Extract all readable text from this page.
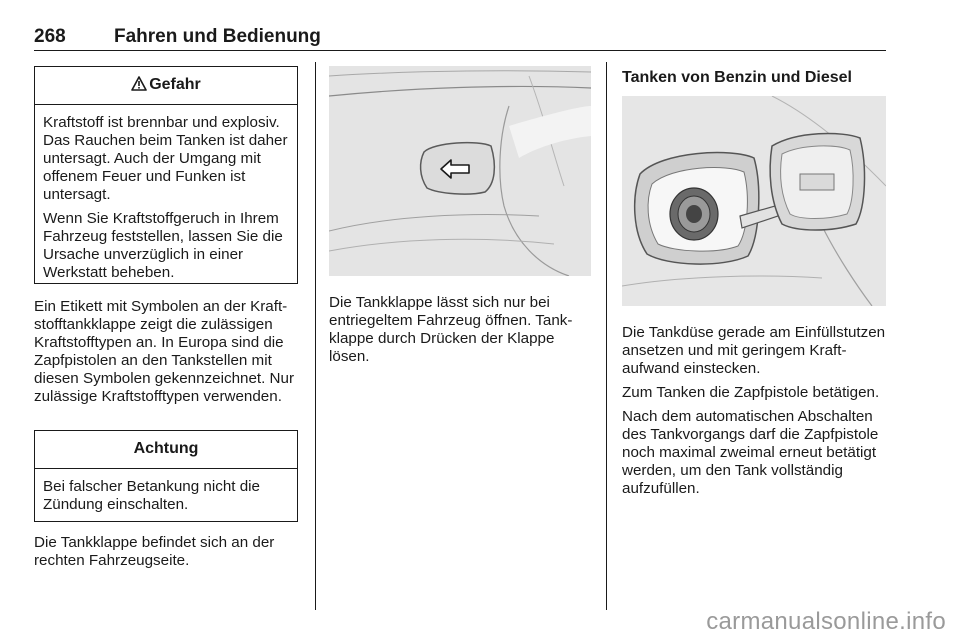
268	Fahren und Bedienung
Gefahr

Kraftstoff ist brennbar und explosiv. Das Rauchen beim Tanken ist daher untersagt. Auch der Umgang mit offenem Feuer und Funken ist untersagt.

Wenn Sie Kraftstoffgeruch in Ihrem Fahrzeug feststellen, lassen Sie die Ursache unverzüglich in einer Werkstatt beheben.

Ein Etikett mit Symbolen an der Kraftstofftankklappe zeigt die zulässigen Kraftstofftypen an. In Europa sind die Zapfpistolen an den Tankstellen mit diesen Symbolen gekennzeichnet. Nur zulässige Kraftstofftypen verwenden.

Achtung

Bei falscher Betankung nicht die Zündung einschalten.

Die Tankklappe befindet sich an der rechten Fahrzeugseite.

Die Tankklappe lässt sich nur bei entriegeltem Fahrzeug öffnen. Tankklappe durch Drücken der Klappe lösen.

Tanken von Benzin und Diesel

Die Tankdüse gerade am Einfüllstutzen ansetzen und mit geringem Kraftaufwand einstecken.

Zum Tanken die Zapfpistole betätigen.

Nach dem automatischen Abschalten des Tankvorgangs darf die Zapfpistole noch maximal zweimal erneut betätigt werden, um den Tank vollständig aufzufüllen.

carmanualsonline.info
